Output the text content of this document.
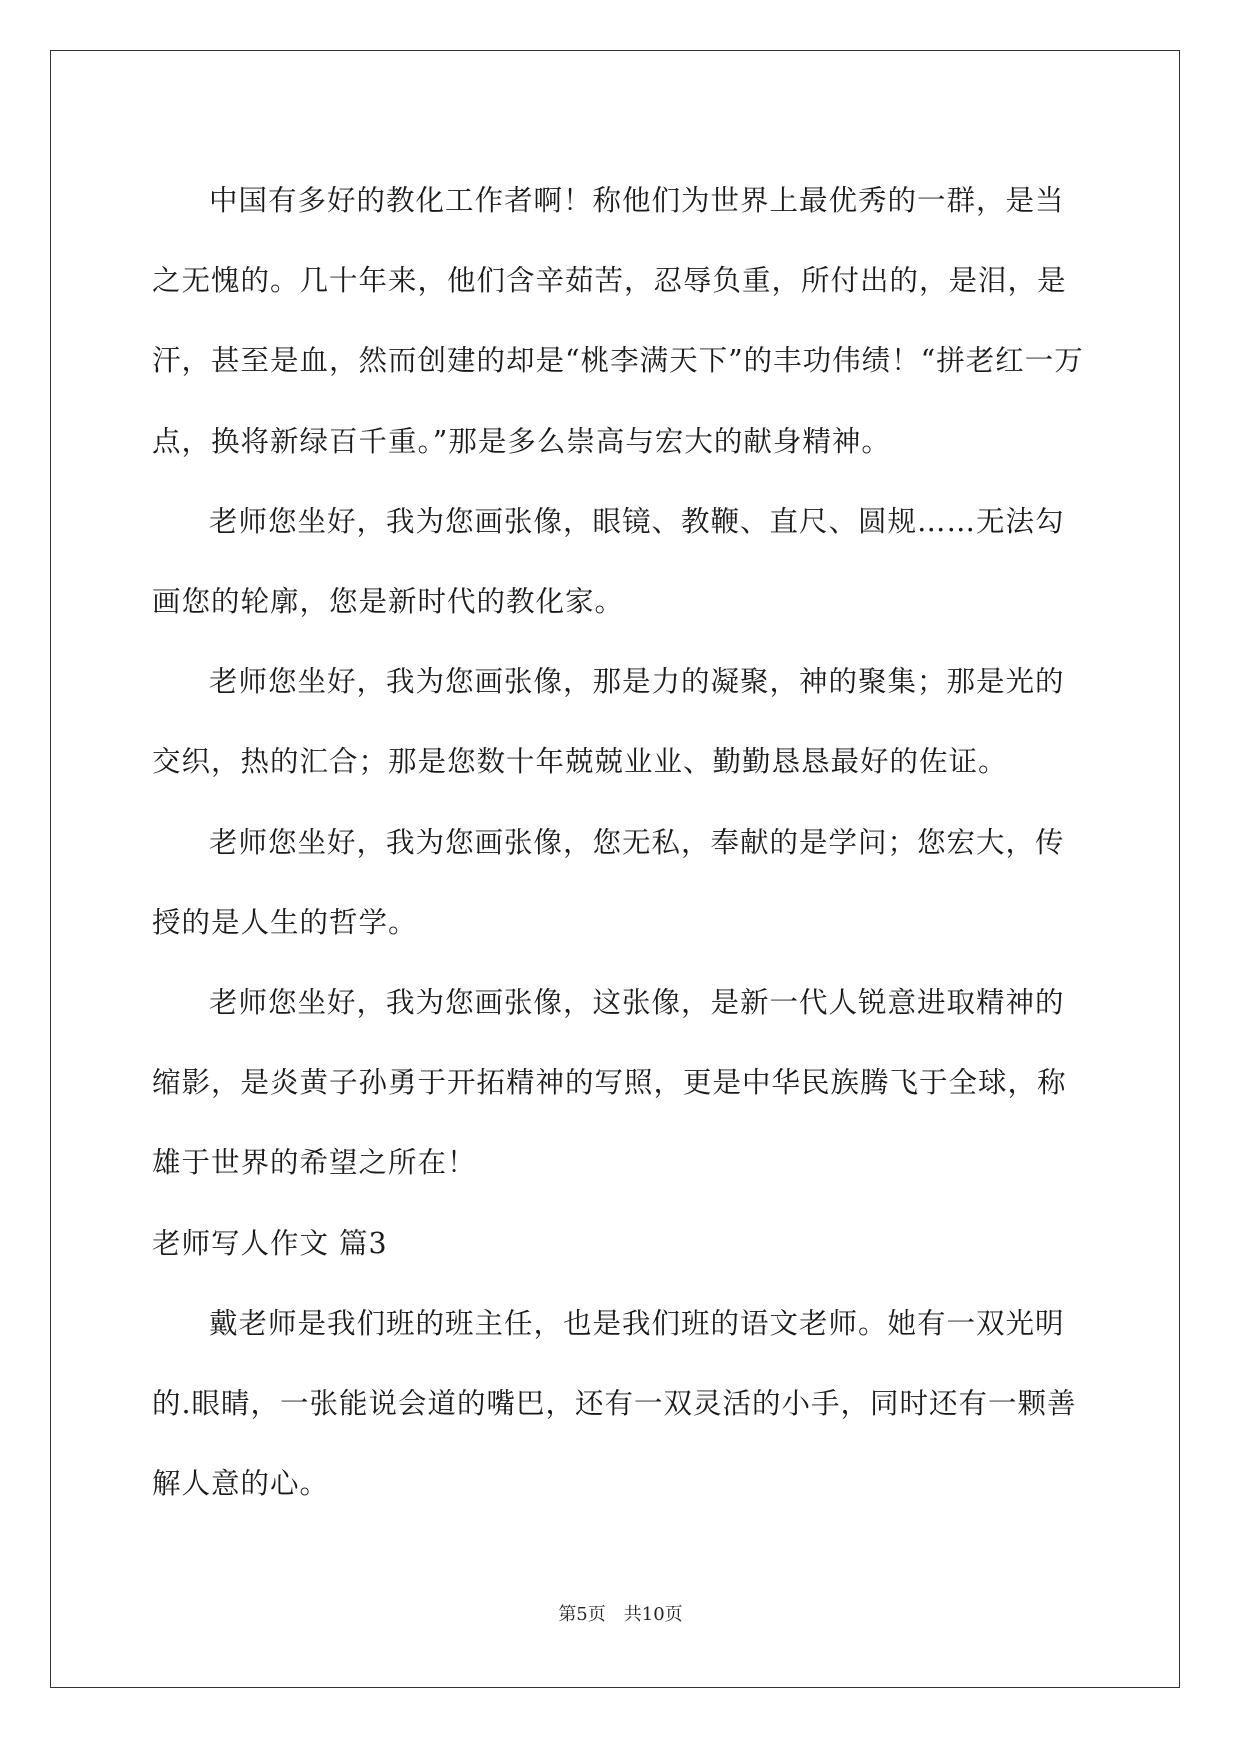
中国有多好的教化工作者啊！称他们为世界上最优秀的一群，是当之无愧的。几十年来，他们含辛茹苦，忍辱负重，所付出的，是泪，是汗，甚至是血，然而创建的却是“桃李满天下”的丰功伟绩！“拼老红一万点，换将新绿百千重。”那是多么崇高与宏大的献身精神。

老师您坐好，我为您画张像，眼镜、教鞭、直尺、圆规……无法勾画您的轮廓，您是新时代的教化家。

老师您坐好，我为您画张像，那是力的凝聚，神的聚集；那是光的交织，热的汇合；那是您数十年兢兢业业、勤勤恳恳最好的佐证。

老师您坐好，我为您画张像，您无私，奉献的是学问；您宏大，传授的是人生的哲学。

老师您坐好，我为您画张像，这张像，是新一代人锐意进取精神的缩影，是炎黄子孙勇于开拓精神的写照，更是中华民族腾飞于全球，称雄于世界的希望之所在！

老师写人作文 篇3

戴老师是我们班的班主任，也是我们班的语文老师。她有一双光明的.眼睛，一张能说会道的嘴巴，还有一双灵活的小手，同时还有一颗善解人意的心。

第5页 共10页
